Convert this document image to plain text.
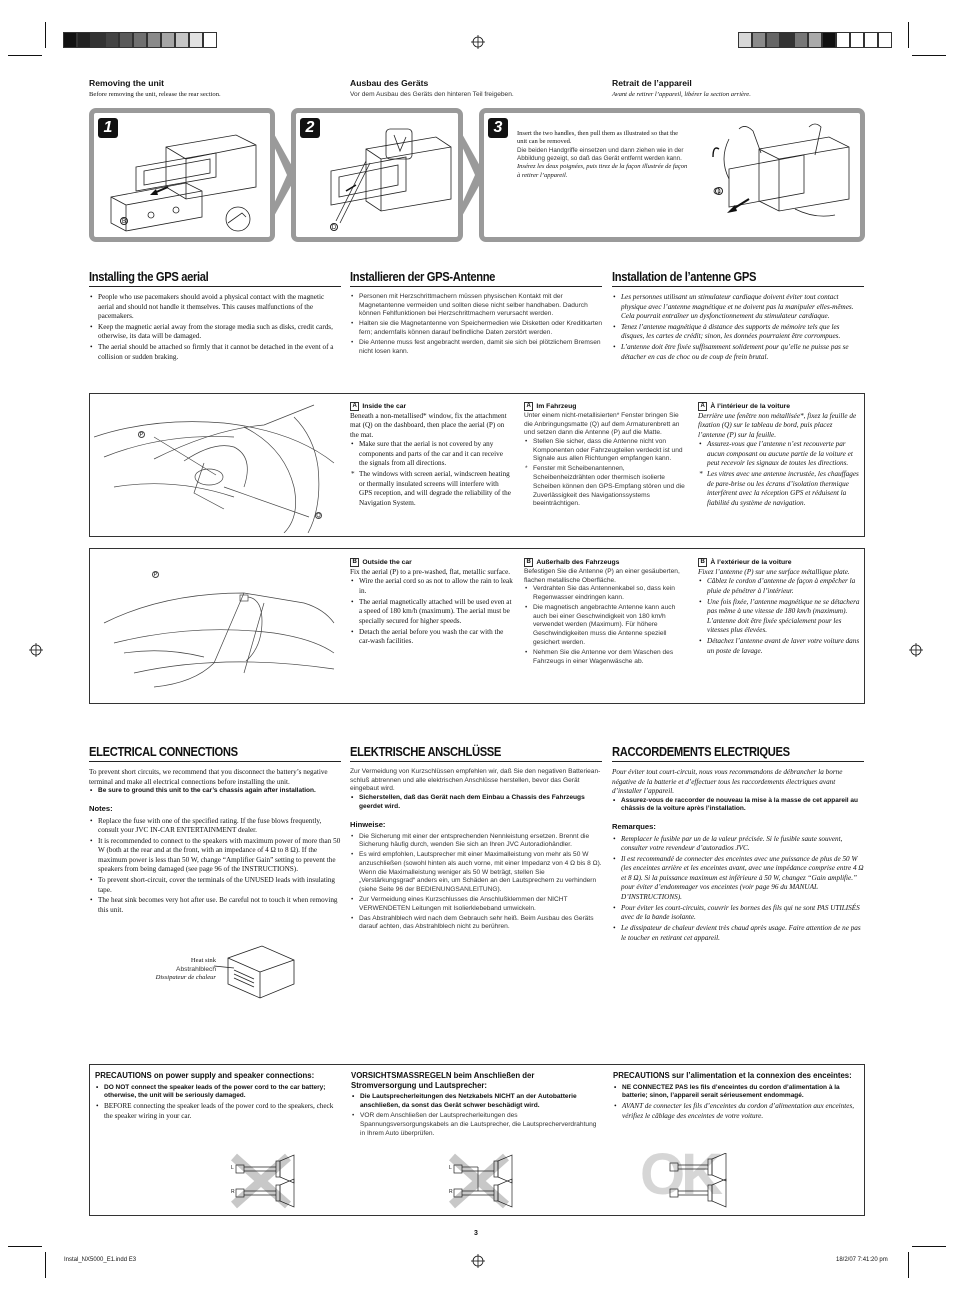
Removing the unit
Before removing the unit, release the rear section.
Ausbau des Geräts
Vor dem Ausbau des Geräts den hinteren Teil freigeben.
Retrait de l’appareil
Avant de retirer l’appareil, libérer la section arrière.
1
B
2
D
3	Insert the two handles, then pull them as illustrated so that the unit can be removed.
Die beiden Handgriffe einsetzen und dann ziehen wie in der Abbildung gezeigt, so daß das Gerät entfernt werden kann.
Insérez les deux poignées, puis tirez de la façon illustrée de façon à retirer l’appareil.
L
Installing the GPS aerial	Installieren der GPS-Antenne	Installation de l’antenne GPS
• People who use pacemakers should avoid a physical contact with the magnetic aerial and should not handle it themselves. This causes malfunctions of the pacemakers.
• Keep the magnetic aerial away from the storage media such as disks, credit cards, otherwise, its data will be damaged.
• The aerial should be attached so firmly that it cannot be detached in the event of a collision or sudden braking.
• Personen mit Herzschrittmachern müssen physischen Kontakt mit der Magnetantenne vermeiden und sollten diese nicht selber handhaben. Dadurch können Fehlfunktionen bei Herzschrittmachern verursacht werden.
• Halten sie die Magnetantenne von Speichermedien wie Disketten oder Kreditkarten fern; andernfalls können darauf befindliche Daten zerstört werden.
• Die Antenne muss fest angebracht werden, damit sie sich bei plötzlichem Bremsen nicht losen kann.
• Les personnes utilisant un stimulateur cardiaque doivent éviter tout contact physique avec l’antenne magnétique et ne doivent pas la manipuler elles-mêmes. Cela pourrait entraîner un dysfonctionnement du stimulateur cardiaque.
• Tenez l’antenne magnétique à distance des supports de mémoire tels que les disques, les cartes de crédit; sinon, les données pourraient être corrompues.
• L’antenne doit être fixée suffisamment solidement pour qu’elle ne puisse pas se détacher en cas de choc ou de coup de frein brutal.
P
Q
A Inside the car
Beneath a non-metallised* window, fix the attachment mat (Q) on the dashboard, then place the aerial (P) on the mat.
• Make sure that the aerial is not covered by any components and parts of the car and it can receive the signals from all directions.
* The windows with screen aerial, windscreen heating or thermally insulated screens will interfere with GPS reception, and will degrade the reliability of the Navigation System.
A Im Fahrzeug
Unter einem nicht-metallisierten* Fenster bringen Sie die Anbringungsmatte (Q) auf dem Armaturenbrett an und setzen dann die Antenne (P) auf die Matte.
• Stellen Sie sicher, dass die Antenne nicht von Komponenten oder Fahrzeugteilen verdeckt ist und Signale aus allen Richtungen empfangen kann.
* Fenster mit Scheibenantennen, Scheibenheizdrähten oder thermisch isolierte Scheiben können den GPS-Empfang stören und die Zuverlässigkeit des Navigationssystems beeinträchtigen.
A À l’intérieur de la voiture
Derrière une fenêtre non métallisée*, fixez la feuille de fixation (Q) sur le tableau de bord, puis placez l’antenne (P) sur la feuille.
• Assurez-vous que l’antenne n’est recouverte par aucun composant ou aucune partie de la voiture et peut recevoir les signaux de toutes les directions.
* Les vitres avec une antenne incrustée, les chauffages de pare-brise ou les écrans d’isolation thermique interférent avec la réception GPS et réduisent la fiabilité du système de navigation.
P
B Outside the car
Fix the aerial (P) to a pre-washed, flat, metallic surface.
• Wire the aerial cord so as not to allow the rain to leak in.
• The aerial magnetically attached will be used even at a speed of 180 km/h (maximum). The aerial must be specially secured for higher speeds.
• Detach the aerial before you wash the car with the car-wash facilities.
B Außerhalb des Fahrzeugs
Befestigen Sie die Antenne (P) an einer gesäuberten, flachen metallische Oberfläche.
• Verdrahten Sie das Antennenkabel so, dass kein Regenwasser eindringen kann.
• Die magnetisch angebrachte Antenne kann auch auch bei einer Geschwindigkeit von 180 km/h verwendet werden (Maximum). Für höhere Geschwindigkeiten muss die Antenne speziell gesichert werden.
• Nehmen Sie die Antenne vor dem Waschen des Fahrzeugs in einer Wagenwäsche ab.
B À l’extérieur de la voiture
Fixez l’antenne (P) sur une surface métallique plate.
• Câblez le cordon d’antenne de façon à empêcher la pluie de pénétrer à l’intérieur.
• Une fois fixée, l’antenne magnétique ne se détachera pas même à une vitesse de 180 km/h (maximum). L’antenne doit être fixée spécialement pour les vitesses plus élevées.
• Détachez l’antenne avant de laver votre voiture dans un poste de lavage.
ELECTRICAL CONNECTIONS	ELEKTRISCHE ANSCHLÜSSE	RACCORDEMENTS ELECTRIQUES
To prevent short circuits, we recommend that you disconnect the battery’s negative terminal and make all electrical connections before installing the unit.
• Be sure to ground this unit to the car’s chassis again after installation.
Notes:
• Replace the fuse with one of the specified rating. If the fuse blows frequently, consult your JVC IN-CAR ENTERTAINMENT dealer.
• It is recommended to connect to the speakers with maximum power of more than 50 W (both at the rear and at the front, with an impedance of 4 Ω to 8 Ω). If the maximum power is less than 50 W, change “Amplifier Gain” setting to prevent the speakers from being damaged (see page 96 of the INSTRUCTIONS).
• To prevent short-circuit, cover the terminals of the UNUSED leads with insulating tape.
• The heat sink becomes very hot after use. Be careful not to touch it when removing this unit.
Zur Vermeidung von Kurzschlüssen empfehlen wir, daß Sie den negativen Batterieanschluß abtrennen und alle elektrischen Anschlüsse herstellen, bevor das Gerät eingebaut wird.
• Sicherstellen, daß das Gerät nach dem Einbau a Chassis des Fahrzeugs geerdet wird.
Hinweise:
• Die Sicherung mit einer der entsprechenden Nennleistung ersetzen. Brennt die Sicherung häufig durch, wenden Sie sich an Ihren JVC Autoradiohändler.
• Es wird empfohlen, Lautsprecher mit einer Maximalleistung von mehr als 50 W anzuschließen (sowohl hinten als auch vorne, mit einer Impedanz von 4 Ω bis 8 Ω). Wenn die Maximalleistung weniger als 50 W beträgt, stellen Sie „Verstärkungsgrad“ anders ein, um Schäden an den Lautsprechern zu verhindern (siehe Seite 96 der BEDIENUNGSANLEITUNG).
• Zur Vermeidung eines Kurzschlusses die Anschlußklemmen der NICHT VERWENDETEN Leitungen mit Isolierklebeband umwickeln.
• Das Abstrahlblech wird nach dem Gebrauch sehr heiß. Beim Ausbau des Geräts darauf achten, das Abstrahlblech nicht zu berühren.
Pour éviter tout court-circuit, nous vous recommandons de débrancher la borne négative de la batterie et d’effectuer tous les raccordements électriques avant d’installer l’appareil.
• Assurez-vous de raccorder de nouveau la mise à la masse de cet appareil au châssis de la voiture après l’installation.
Remarques:
• Remplacer le fusible par un de la valeur précisée. Si le fusible saute souvent, consulter votre revendeur d’autoradios JVC.
• Il est recommandé de connecter des enceintes avec une puissance de plus de 50 W (les enceintes arrière et les enceintes avant, avec une impédance comprise entre 4 Ω et 8 Ω). Si la puissance maximum est inférieure à 50 W, changez “Gain amplifie.” pour éviter d’endommager vos enceintes (voir page 96 du MANUAL D’INSTRUCTIONS).
• Pour éviter les court-circuits, couvrir les bornes des fils qui ne sont PAS UTILISÉS avec de la bande isolante.
• Le dissipateur de chaleur devient très chaud après usage. Faire attention de ne pas le toucher en retirant cet appareil.
Heat sink
Abstrahlblech
Dissipateur de chaleur
PRECAUTIONS on power supply and speaker connections:
• DO NOT connect the speaker leads of the power cord to the car battery; otherwise, the unit will be seriously damaged.
• BEFORE connecting the speaker leads of the power cord to the speakers, check the speaker wiring in your car.
VORSICHTSMASSREGELN beim Anschließen der Stromversorgung und Lautsprecher:
• Die Lautsprecherleitungen des Netzkabels NICHT an der Autobatterie anschließen, da sonst das Gerät schwer beschädigt wird.
• VOR dem Anschließen der Lautsprecherleitungen des Spannungsversorgungskabels an die Lautsprecher, die Lautsprecherverdrahtung in Ihrem Auto überprüfen.
PRECAUTIONS sur l’alimentation et la connexion des enceintes:
• NE CONNECTEZ PAS les fils d’enceintes du cordon d’alimentation à la batterie; sinon, l’appareil serait sérieusement endommagé.
• AVANT de connecter les fils d’enceintes du cordon d’alimentation aux enceintes, vérifiez le câblage des enceintes de votre voiture.
L
R
L
R	OK
3
Instal_NX5000_E1.indd E3	18/2/07 7:41:20 pm
